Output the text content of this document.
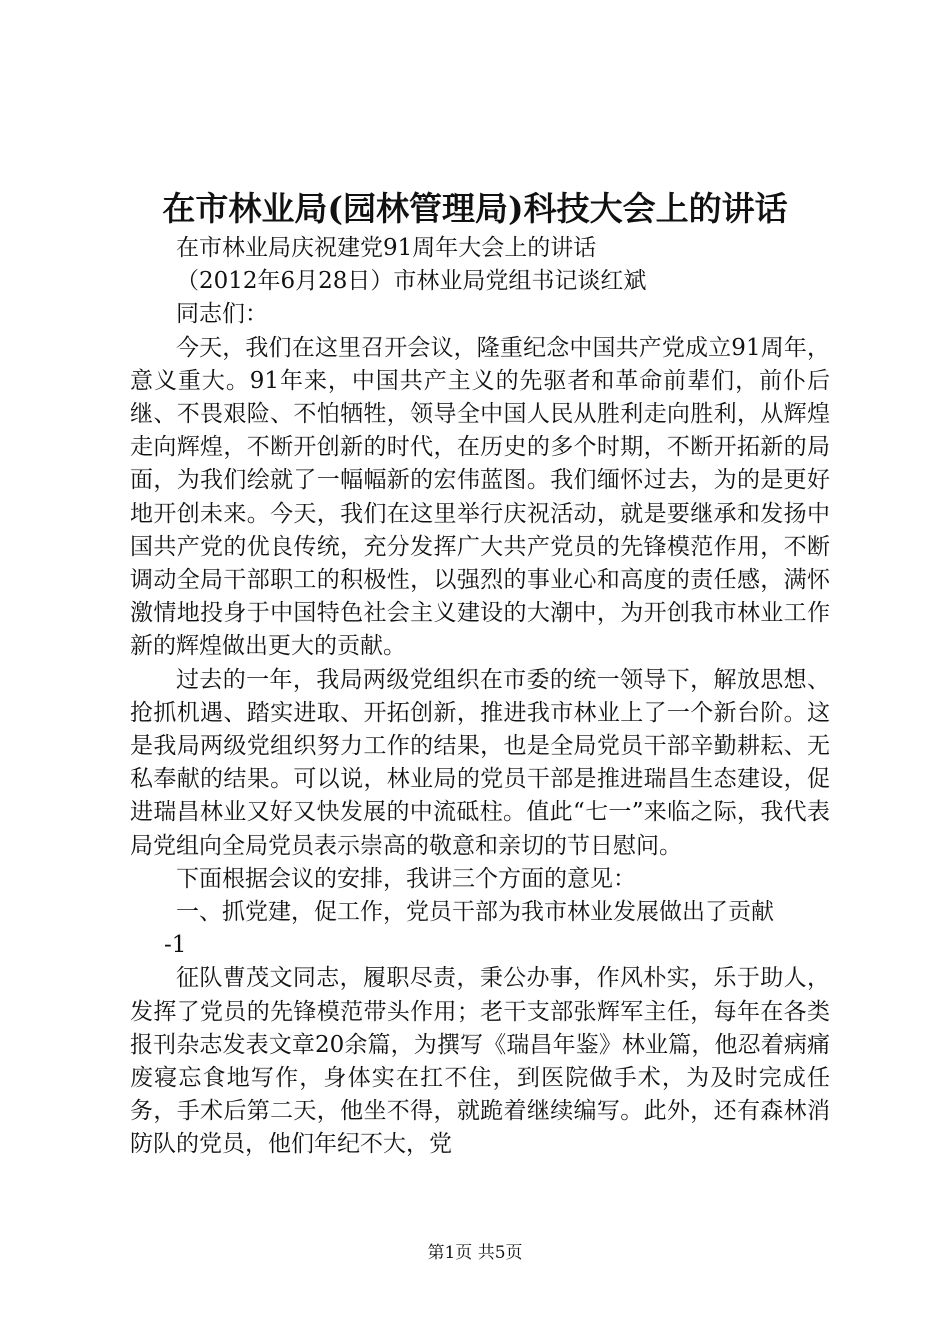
在市林业局(园林管理局)科技大会上的讲话

在市林业局庆祝建党91周年大会上的讲话

（2012年6月28日）市林业局党组书记谈红斌

同志们：

今天，我们在这里召开会议，隆重纪念中国共产党成立91周年，意义重大。91年来，中国共产主义的先驱者和革命前辈们，前仆后继、不畏艰险、不怕牺牲，领导全中国人民从胜利走向胜利，从辉煌走向辉煌，不断开创新的时代，在历史的多个时期，不断开拓新的局面，为我们绘就了一幅幅新的宏伟蓝图。我们缅怀过去，为的是更好地开创未来。今天，我们在这里举行庆祝活动，就是要继承和发扬中国共产党的优良传统，充分发挥广大共产党员的先锋模范作用，不断调动全局干部职工的积极性，以强烈的事业心和高度的责任感，满怀激情地投身于中国特色社会主义建设的大潮中，为开创我市林业工作新的辉煌做出更大的贡献。

过去的一年，我局两级党组织在市委的统一领导下，解放思想、抢抓机遇、踏实进取、开拓创新，推进我市林业上了一个新台阶。这是我局两级党组织努力工作的结果，也是全局党员干部辛勤耕耘、无私奉献的结果。可以说，林业局的党员干部是推进瑞昌生态建设，促进瑞昌林业又好又快发展的中流砥柱。值此“七一”来临之际，我代表局党组向全局党员表示崇高的敬意和亲切的节日慰问。

下面根据会议的安排，我讲三个方面的意见：

一、抓党建，促工作，党员干部为我市林业发展做出了贡献

-1

征队曹茂文同志，履职尽责，秉公办事，作风朴实，乐于助人，发挥了党员的先锋模范带头作用；老干支部张辉军主任，每年在各类报刊杂志发表文章20余篇，为撰写《瑞昌年鉴》林业篇，他忍着病痛废寝忘食地写作，身体实在扛不住，到医院做手术，为及时完成任务，手术后第二天，他坐不得，就跪着继续编写。此外，还有森林消防队的党员，他们年纪不大，党

第1页 共5页
